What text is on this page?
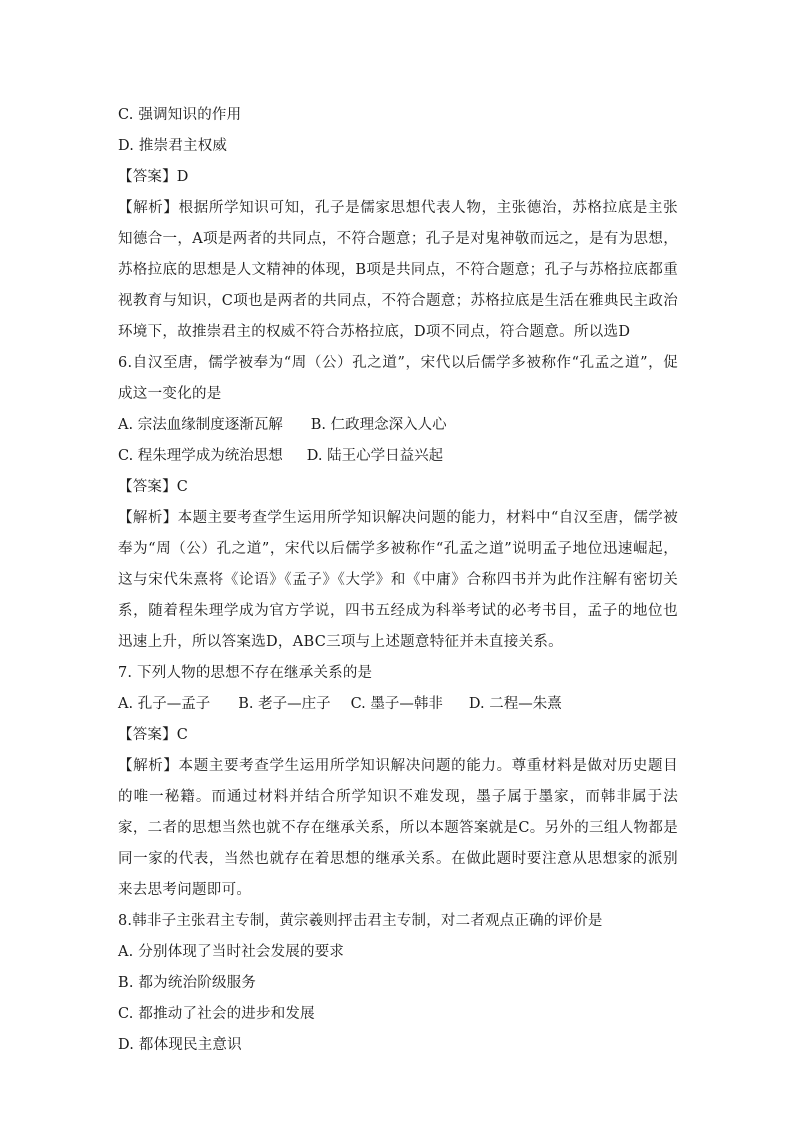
C. 强调知识的作用
D. 推崇君主权威
【答案】D
【解析】根据所学知识可知，孔子是儒家思想代表人物，主张德治，苏格拉底是主张知德合一，A项是两者的共同点，不符合题意；孔子是对鬼神敬而远之，是有为思想，苏格拉底的思想是人文精神的体现，B项是共同点，不符合题意；孔子与苏格拉底都重视教育与知识，C项也是两者的共同点，不符合题意；苏格拉底是生活在雅典民主政治环境下，故推崇君主的权威不符合苏格拉底，D项不同点，符合题意。所以选D
6.自汉至唐，儒学被奉为“周（公）孔之道”，宋代以后儒学多被称作“孔孟之道”，促成这一变化的是
A. 宗法血缘制度逐渐瓦解 B. 仁政理念深入人心
C. 程朱理学成为统治思想 D. 陆王心学日益兴起
【答案】C
【解析】本题主要考查学生运用所学知识解决问题的能力，材料中“自汉至唐，儒学被奉为“周（公）孔之道”，宋代以后儒学多被称作“孔孟之道”说明孟子地位迅速崛起，这与宋代朱熹将《论语》《孟子》《大学》和《中庸》合称四书并为此作注解有密切关系，随着程朱理学成为官方学说，四书五经成为科举考试的必考书目，孟子的地位也迅速上升，所以答案选D，ABC三项与上述题意特征并未直接关系。
7. 下列人物的思想不存在继承关系的是
A. 孔子—孟子 B. 老子—庄子 C. 墨子—韩非 D. 二程—朱熹
【答案】C
【解析】本题主要考查学生运用所学知识解决问题的能力。尊重材料是做对历史题目的唯一秘籍。而通过材料并结合所学知识不难发现，墨子属于墨家，而韩非属于法家，二者的思想当然也就不存在继承关系，所以本题答案就是C。另外的三组人物都是同一家的代表，当然也就存在着思想的继承关系。在做此题时要注意从思想家的派别来去思考问题即可。
8.韩非子主张君主专制，黄宗羲则抨击君主专制，对二者观点正确的评价是
A. 分别体现了当时社会发展的要求
B. 都为统治阶级服务
C. 都推动了社会的进步和发展
D. 都体现民主意识
